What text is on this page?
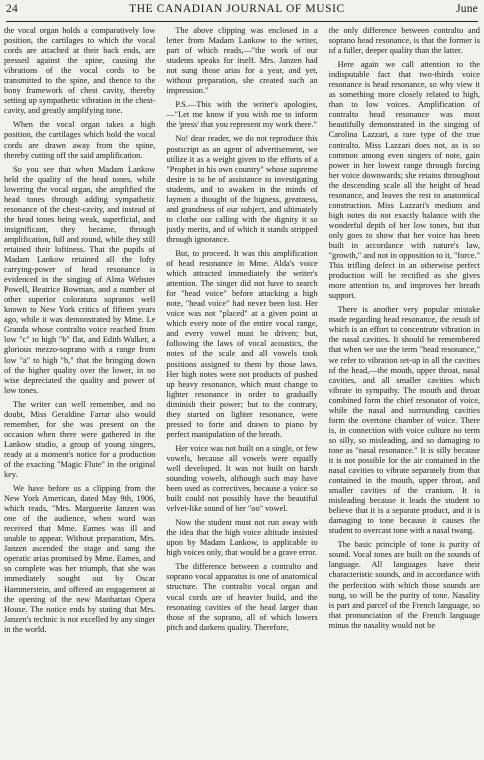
24	THE CANADIAN JOURNAL OF MUSIC	June

the vocal organ holds a comparatively low position, the cartilages to which the vocal cords are attached at their back ends, are pressed against the spine, causing the vibrations of the vocal cords to be transmitted to the spine, and thence to the bony framework of chest cavity, thereby setting up sympathetic vibration in the chest-cavity, and greatly amplifying tone.

When the vocal organ takes a high position, the cartilages which hold the vocal cords are drawn away from the spine, thereby cutting off the said amplification.

So you see that when Madam Lankow held the quality of the head tones, while lowering the vocal organ, she amplified the head tones through adding sympathetic resonance of the chest-cavity, and instead of the head tones being weak, superficial, and insignificant, they became, through amplification, full and round, while they still retained their loftiness. That the pupils of Madam Lankow retained all the lofty carrying-power of head resonance is evidenced in the singing of Alma Webster Powell, Beatrice Bowman, and a number of other superior coloratura sopranos well known to New York critics of fifteen years ago, while it was demonstrated by Mme. Le Granda whose contralto voice reached from low "c" to high "b" flat, and Edith Walker, a glorious mezzo-soprano with a range from low "a" to high "b," that the bringing down of the higher quality over the lower, in no wise depreciated the quality and power of low tones.

The writer can well remember, and no doubt, Miss Geraldine Farrar also would remember, for she was present on the occasion when there were gathered in the Lankow studio, a group of young singers, ready at a moment's notice for a production of the exacting "Magic Flute" in the original key.

We have before us a clipping from the New York American, dated May 9th, 1906, which reads, "Mrs. Marguerite Janzen was one of the audience, when word was received that Mme. Eames was ill and unable to appear. Without preparation, Mrs. Janzen ascended the stage and sang the operatic arias promised by Mme. Eames, and so complete was her triumph, that she was immediately sought out by Oscar Hammerstein, and offered an engagement at the opening of the new Manhattan Opera House. The notice ends by stating that Mrs. Janzen's technic is not excelled by any singer in the world.

The above clipping was enclosed in a letter from Madam Lankow to the writer, part of which reads,—"the work of our students speaks for itself. Mrs. Janzen had not sung those arias for a year, and yet, without preparation, she created such an impression."

P.S.—This with the writer's apologies,—"Let me know if you wish me to inform the 'press' that you represent my work there."

No! dear reader, we do not reproduce this postscript as an agent of advertisement, we utilize it as a weight given to the efforts of a "Prophet in his own country" whose supreme desire is to be of assistance to investigating students, and to awaken in the minds of laymen a thought of the bigness, greatness, and grandness of our subject, and ultimately to clothe our calling with the dignity it so justly merits, and of which it stands stripped through ignorance.

But, to proceed. It was this amplification of head resonance in Mme. Alda's voice which attracted immediately the writer's attention. The singer did not have to search for "head voice" before attacking a high note, "head voice" had never been lost. Her voice was not "placed" at a given point at which every note of the entire vocal range, and every vowel must be driven; but, following the laws of vocal acoustics, the notes of the scale and all vowels took positions assigned to them by those laws. Her high notes were not products of pushed up heavy resonance, which must change to lighter resonance in order to gradually diminish their power; but to the contrary, they started on lighter resonance, were pressed to forte and drawn to piano by perfect manipulation of the breath.

Her voice was not built on a single, or few vowels, because all vowels were equally well developed. It was not built on harsh sounding vowels, although such may have been used as correctives, because a voice so built could not possibly have the beautiful velvet-like sound of her "oo" vowel.

Now the student must not run away with the idea that the high voice altitude insisted upon by Madam Lankow, is applicable to high voices only, that would be a grave error.

The difference between a contralto and soprano vocal apparatus is one of anatomical structure. The contralto vocal organ and vocal cords are of heavier build, and the resonating cavities of the head larger than those of the soprano, all of which lowers pitch and darkens quality. Therefore,

the only difference between contralto and soprano head resonance, is that the former is of a fuller, deeper quality than the latter.

Here again we call attention to the indisputable fact that two-thirds voice resonance is head resonance, so why view it as something more closely related to high, than to low voices. Amplification of contralto head resonance was most beautifully demonstrated in the singing of Carolina Lazzari, a rare type of the true contralto. Miss Lazzari does not, as is so common among even singers of note, gain power in her lowest range through forcing her voice downwards; she retains throughout the descending scale all the height of head resonance, and leaves the rest to anatomical construction. Miss Lazzari's medium and high notes do not exactly balance with the wonderful depth of her low tones, but that only goes to show that her voice has been built in accordance with nature's law, "growth," and not in opposition to it, "force." This trifling defect in an otherwise perfect production will be rectified as she gives more attention to, and improves her breath support.

There is another very popular mistake made regarding head resonance, the result of which is an effort to concentrate vibration in the nasal cavities. It should be remembered that when we use the term "head resonance," we refer to vibration set-up in all the cavities of the head,—the mouth, upper throat, nasal cavities, and all smaller cavities which vibrate in sympathy. The mouth and throat combined form the chief resonator of voice, while the nasal and surrounding cavities form the overtone chamber of voice. There is, in connection with voice culture no term so silly, so misleading, and so damaging to tone as "nasal resonance." It is silly because it is not possible for the air contained in the nasal cavities to vibrate separately from that contained in the mouth, upper throat, and smaller cavities of the cranium. It is misleading because it leads the student to believe that it is a separate product, and it is damaging to tone because it causes the student to overcast tone with a nasal twang.

The basic principle of tone is purity of sound. Vocal tones are built on the sounds of language. All languages have their characteristic sounds, and in accordance with the perfection with which those sounds are sung, so will be the purity of tone. Nasality is part and parcel of the French language, so that pronunciation of the French language minus the nasality would not be
